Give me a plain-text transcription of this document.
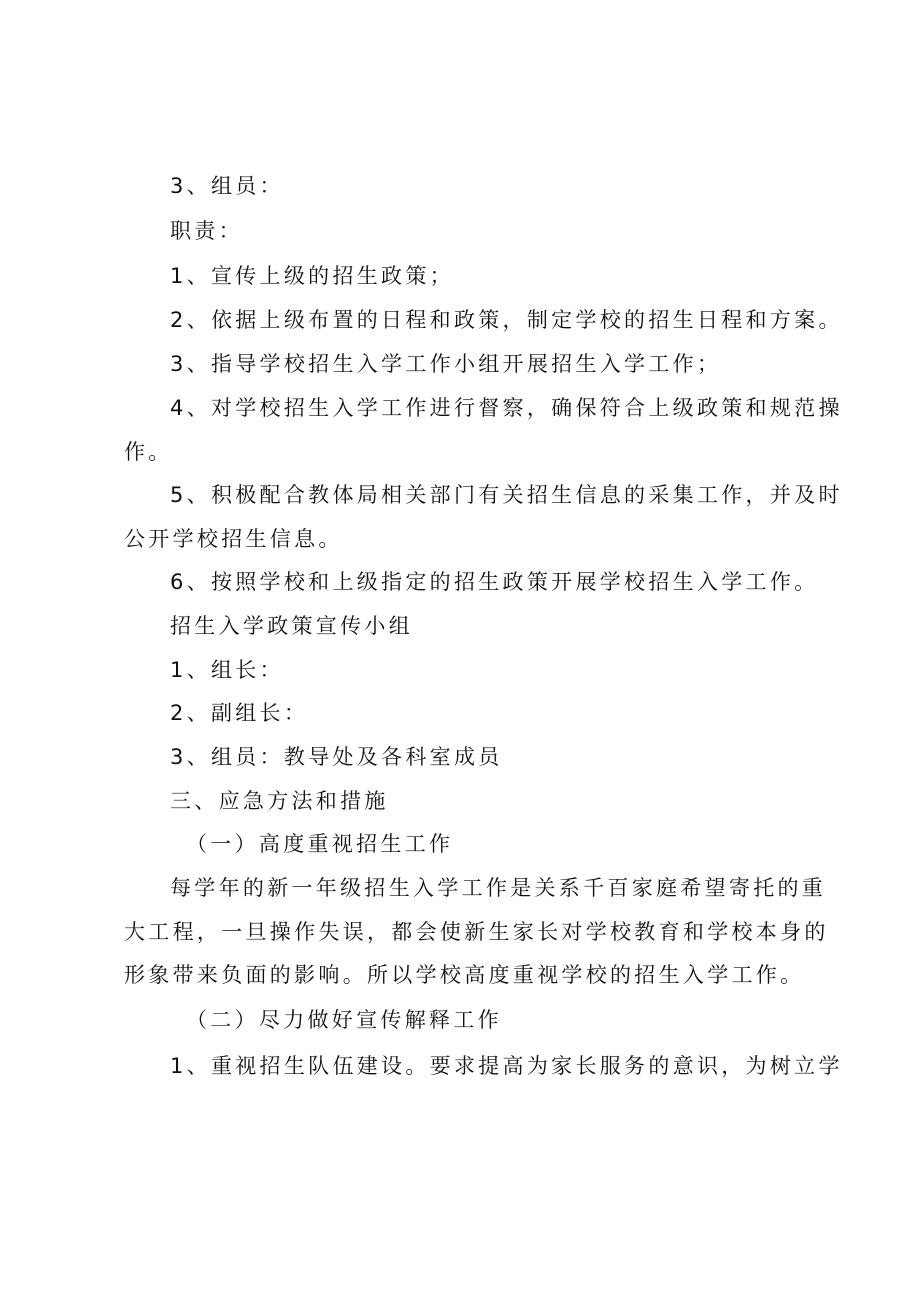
3、组员：

职责：

1、宣传上级的招生政策；

2、依据上级布置的日程和政策，制定学校的招生日程和方案。

3、指导学校招生入学工作小组开展招生入学工作；

4、对学校招生入学工作进行督察，确保符合上级政策和规范操

作。

5、积极配合教体局相关部门有关招生信息的采集工作，并及时

公开学校招生信息。

6、按照学校和上级指定的招生政策开展学校招生入学工作。

招生入学政策宣传小组

1、组长：

2、副组长：

3、组员：教导处及各科室成员

三、应急方法和措施

（一）高度重视招生工作

每学年的新一年级招生入学工作是关系千百家庭希望寄托的重

大工程，一旦操作失误，都会使新生家长对学校教育和学校本身的

形象带来负面的影响。所以学校高度重视学校的招生入学工作。

（二）尽力做好宣传解释工作

1、重视招生队伍建设。要求提高为家长服务的意识，为树立学
